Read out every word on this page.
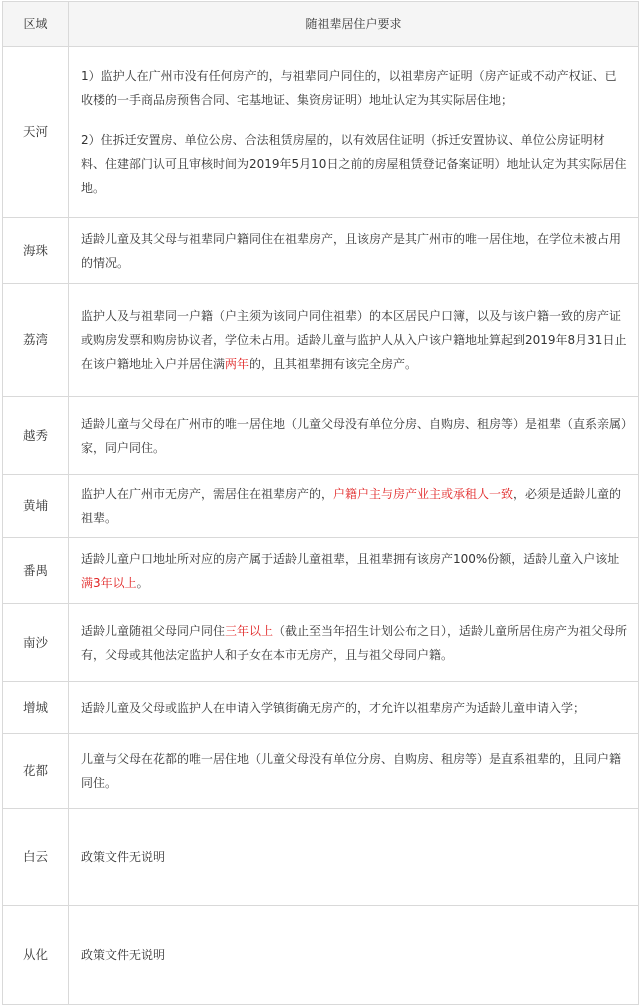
区域	随祖辈居住户要求
天河	1）监护人在广州市没有任何房产的，与祖辈同户同住的，以祖辈房产证明（房产证或不动产权证、已收楼的一手商品房预售合同、宅基地证、集资房证明）地址认定为其实际居住地；

2）住拆迁安置房、单位公房、合法租赁房屋的，以有效居住证明（拆迁安置协议、单位公房证明材料、住建部门认可且审核时间为2019年5月10日之前的房屋租赁登记备案证明）地址认定为其实际居住地。

海珠	适龄儿童及其父母与祖辈同户籍同住在祖辈房产，且该房产是其广州市的唯一居住地，在学位未被占用的情况。
荔湾	监护人及与祖辈同一户籍（户主须为该同户同住祖辈）的本区居民户口簿，以及与该户籍一致的房产证或购房发票和购房协议者，学位未占用。适龄儿童与监护人从入户该户籍地址算起到2019年8月31日止在该户籍地址入户并居住满两年的，且其祖辈拥有该完全房产。
越秀	适龄儿童与父母在广州市的唯一居住地（儿童父母没有单位分房、自购房、租房等）是祖辈（直系亲属）家，同户同住。
黄埔	监护人在广州市无房产，需居住在祖辈房产的，户籍户主与房产业主或承租人一致，必须是适龄儿童的祖辈。
番禺	适龄儿童户口地址所对应的房产属于适龄儿童祖辈，且祖辈拥有该房产100%份额，适龄儿童入户该址满3年以上。
南沙	适龄儿童随祖父母同户同住三年以上（截止至当年招生计划公布之日），适龄儿童所居住房产为祖父母所有，父母或其他法定监护人和子女在本市无房产，且与祖父母同户籍。
增城	适龄儿童及父母或监护人在申请入学镇街确无房产的，才允许以祖辈房产为适龄儿童申请入学；
花都	儿童与父母在花都的唯一居住地（儿童父母没有单位分房、自购房、租房等）是直系祖辈的，且同户籍同住。
白云	政策文件无说明
从化	政策文件无说明
